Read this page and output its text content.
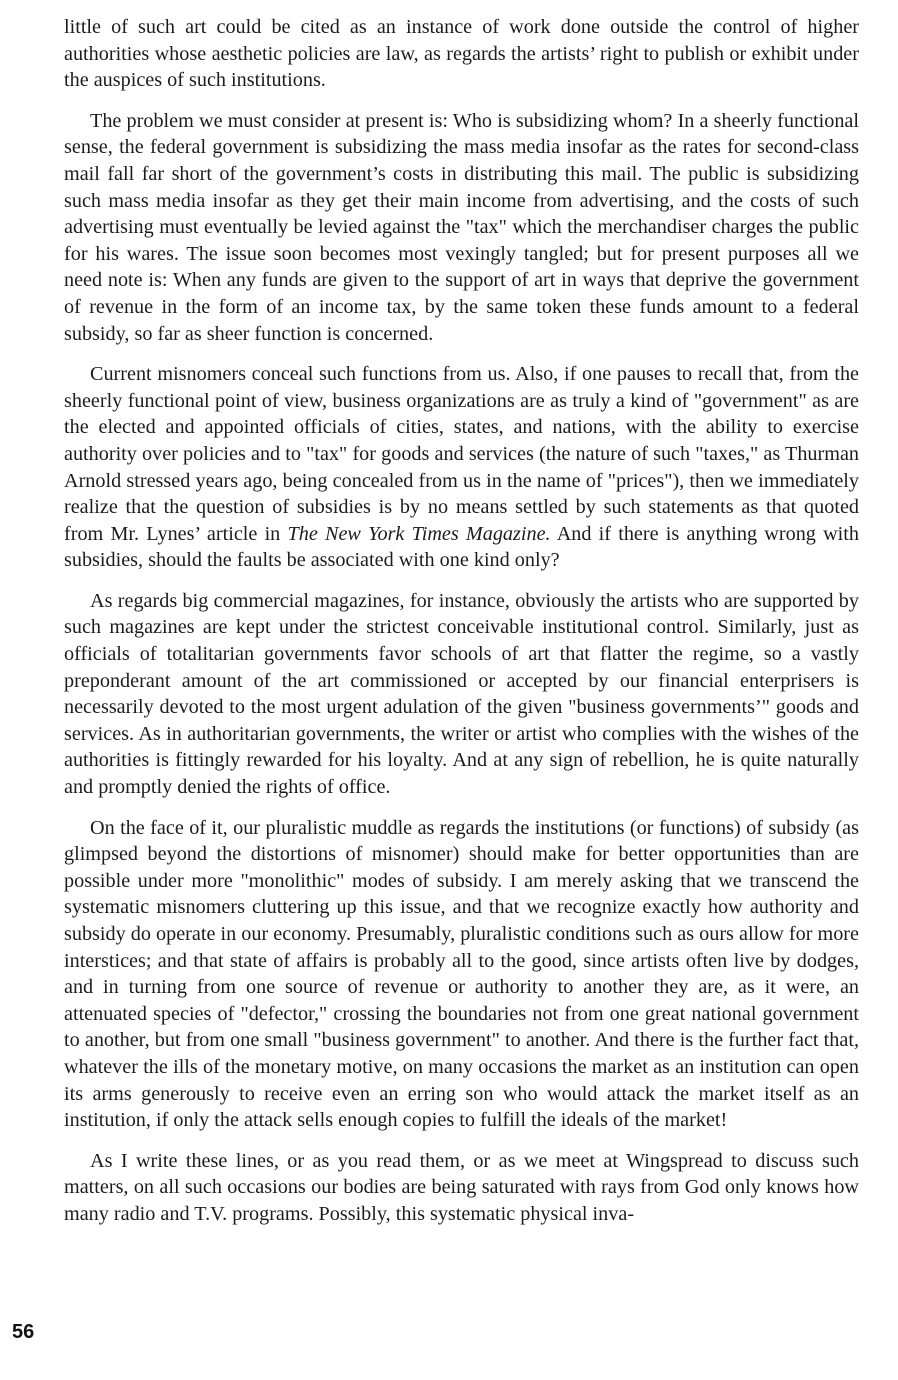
little of such art could be cited as an instance of work done outside the control of higher authorities whose aesthetic policies are law, as regards the artists’ right to publish or exhibit under the auspices of such institutions.

The problem we must consider at present is: Who is subsidizing whom? In a sheerly functional sense, the federal government is subsidizing the mass media insofar as the rates for second-class mail fall far short of the government’s costs in distributing this mail. The public is subsidizing such mass media insofar as they get their main income from advertising, and the costs of such advertising must eventually be levied against the "tax" which the merchandiser charges the public for his wares. The issue soon becomes most vexingly tangled; but for present purposes all we need note is: When any funds are given to the support of art in ways that deprive the government of revenue in the form of an income tax, by the same token these funds amount to a federal subsidy, so far as sheer function is concerned.

Current misnomers conceal such functions from us. Also, if one pauses to recall that, from the sheerly functional point of view, business organizations are as truly a kind of "government" as are the elected and appointed officials of cities, states, and nations, with the ability to exercise authority over policies and to "tax" for goods and services (the nature of such "taxes," as Thurman Arnold stressed years ago, being concealed from us in the name of "prices"), then we immediately realize that the question of subsidies is by no means settled by such statements as that quoted from Mr. Lynes’ article in The New York Times Magazine. And if there is anything wrong with subsidies, should the faults be associated with one kind only?

As regards big commercial magazines, for instance, obviously the artists who are supported by such magazines are kept under the strictest conceivable institutional control. Similarly, just as officials of totalitarian governments favor schools of art that flatter the regime, so a vastly preponderant amount of the art commissioned or accepted by our financial enterprisers is necessarily devoted to the most urgent adulation of the given "business governments’" goods and services. As in authoritarian governments, the writer or artist who complies with the wishes of the authorities is fittingly rewarded for his loyalty. And at any sign of rebellion, he is quite naturally and promptly denied the rights of office.

On the face of it, our pluralistic muddle as regards the institutions (or functions) of subsidy (as glimpsed beyond the distortions of misnomer) should make for better opportunities than are possible under more "monolithic" modes of subsidy. I am merely asking that we transcend the systematic misnomers cluttering up this issue, and that we recognize exactly how authority and subsidy do operate in our economy. Presumably, pluralistic conditions such as ours allow for more interstices; and that state of affairs is probably all to the good, since artists often live by dodges, and in turning from one source of revenue or authority to another they are, as it were, an attenuated species of "defector," crossing the boundaries not from one great national government to another, but from one small "business government" to another. And there is the further fact that, whatever the ills of the monetary motive, on many occasions the market as an institution can open its arms generously to receive even an erring son who would attack the market itself as an institution, if only the attack sells enough copies to fulfill the ideals of the market!

As I write these lines, or as you read them, or as we meet at Wingspread to discuss such matters, on all such occasions our bodies are being saturated with rays from God only knows how many radio and T.V. programs. Possibly, this systematic physical inva-

56
